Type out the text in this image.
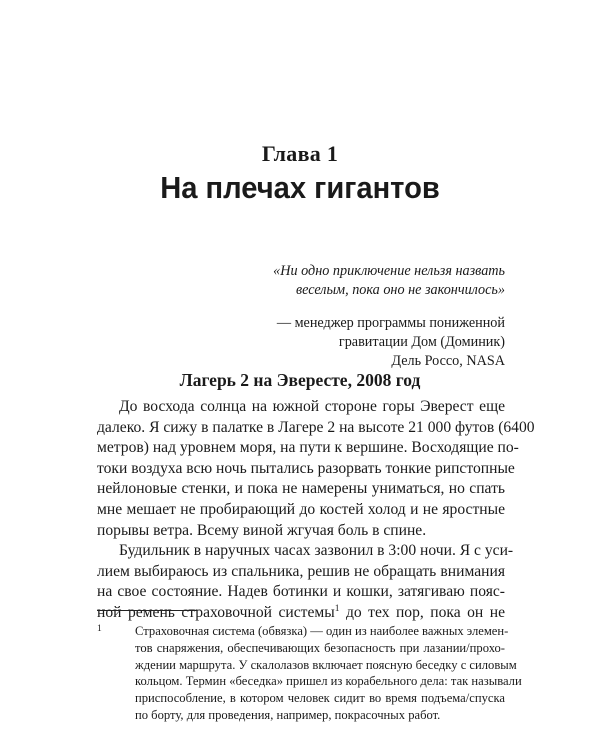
Глава 1
На плечах гигантов
«Ни одно приключение нельзя назвать
веселым, пока оно не закончилось»
— менеджер программы пониженной
гравитации Дом (Доминик)
Дель Россо, NASA
Лагерь 2 на Эвересте, 2008 год
До восхода солнца на южной стороне горы Эверест еще
далеко. Я сижу в палатке в Лагере 2 на высоте 21 000 футов (6400
метров) над уровнем моря, на пути к вершине. Восходящие по-
токи воздуха всю ночь пытались разорвать тонкие рипстопные
нейлоновые стенки, и пока не намерены униматься, но спать
мне мешает не пробирающий до костей холод и не яростные
порывы ветра. Всему виной жгучая боль в спине.
Будильник в наручных часах зазвонил в 3:00 ночи. Я с уси-
лием выбираюсь из спальника, решив не обращать внимания
на свое состояние. Надев ботинки и кошки, затягиваю пояс-
ной ремень страховочной системы$^1$ до тех пор, пока он не
1	Страховочная система (обвязка) — один из наиболее важных элемен-
тов снаряжения, обеспечивающих безопасность при лазании/прохо-
ждении маршрута. У скалолазов включает поясную беседку с силовым
кольцом. Термин «беседка» пришел из корабельного дела: так называли
приспособление, в котором человек сидит во время подъема/спуска
по борту, для проведения, например, покрасочных работ.
